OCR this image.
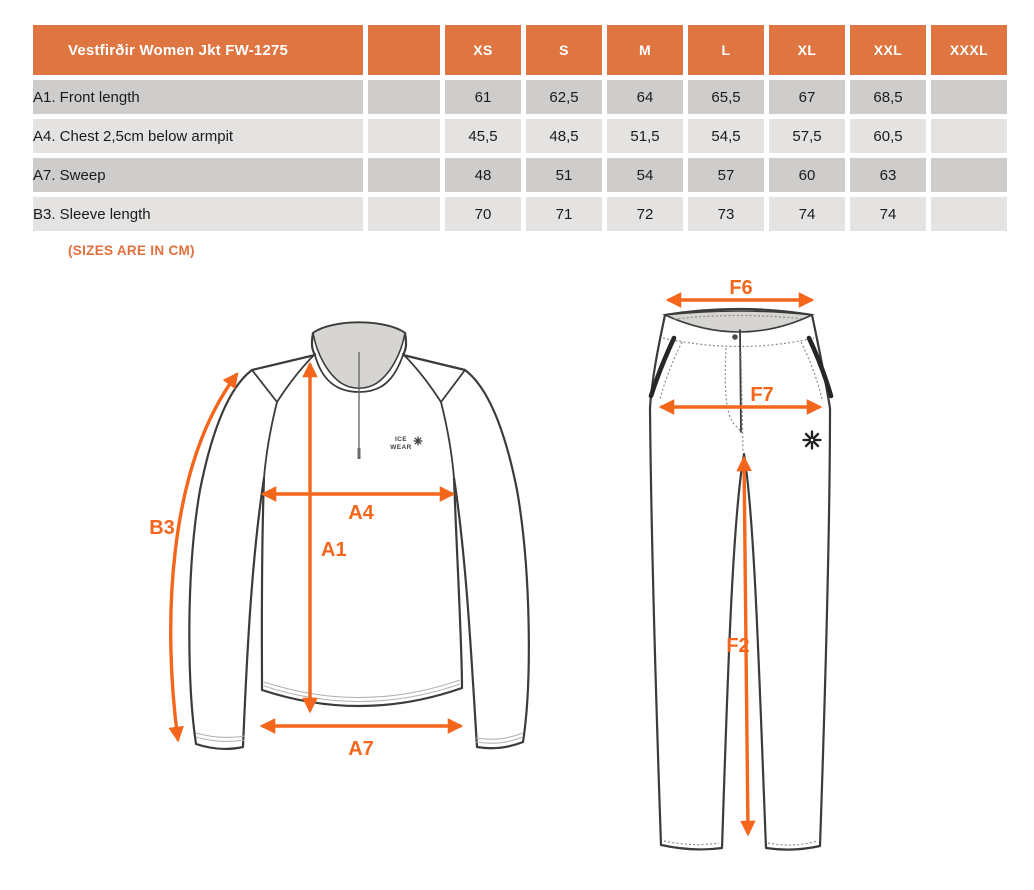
Vestfirðir Women Jkt FW-1275		XS	S	M	L	XL	XXL	XXXL
A1. Front length		61	62,5	64	65,5	67	68,5	
A4. Chest 2,5cm below armpit		45,5	48,5	51,5	54,5	57,5	60,5	
A7. Sweep		48	51	54	57	60	63	
B3. Sleeve length		70	71	72	73	74	74	
(SIZES ARE IN CM)
ICE
WEAR
B3
A1
A4
A7
F6
F7
F2
